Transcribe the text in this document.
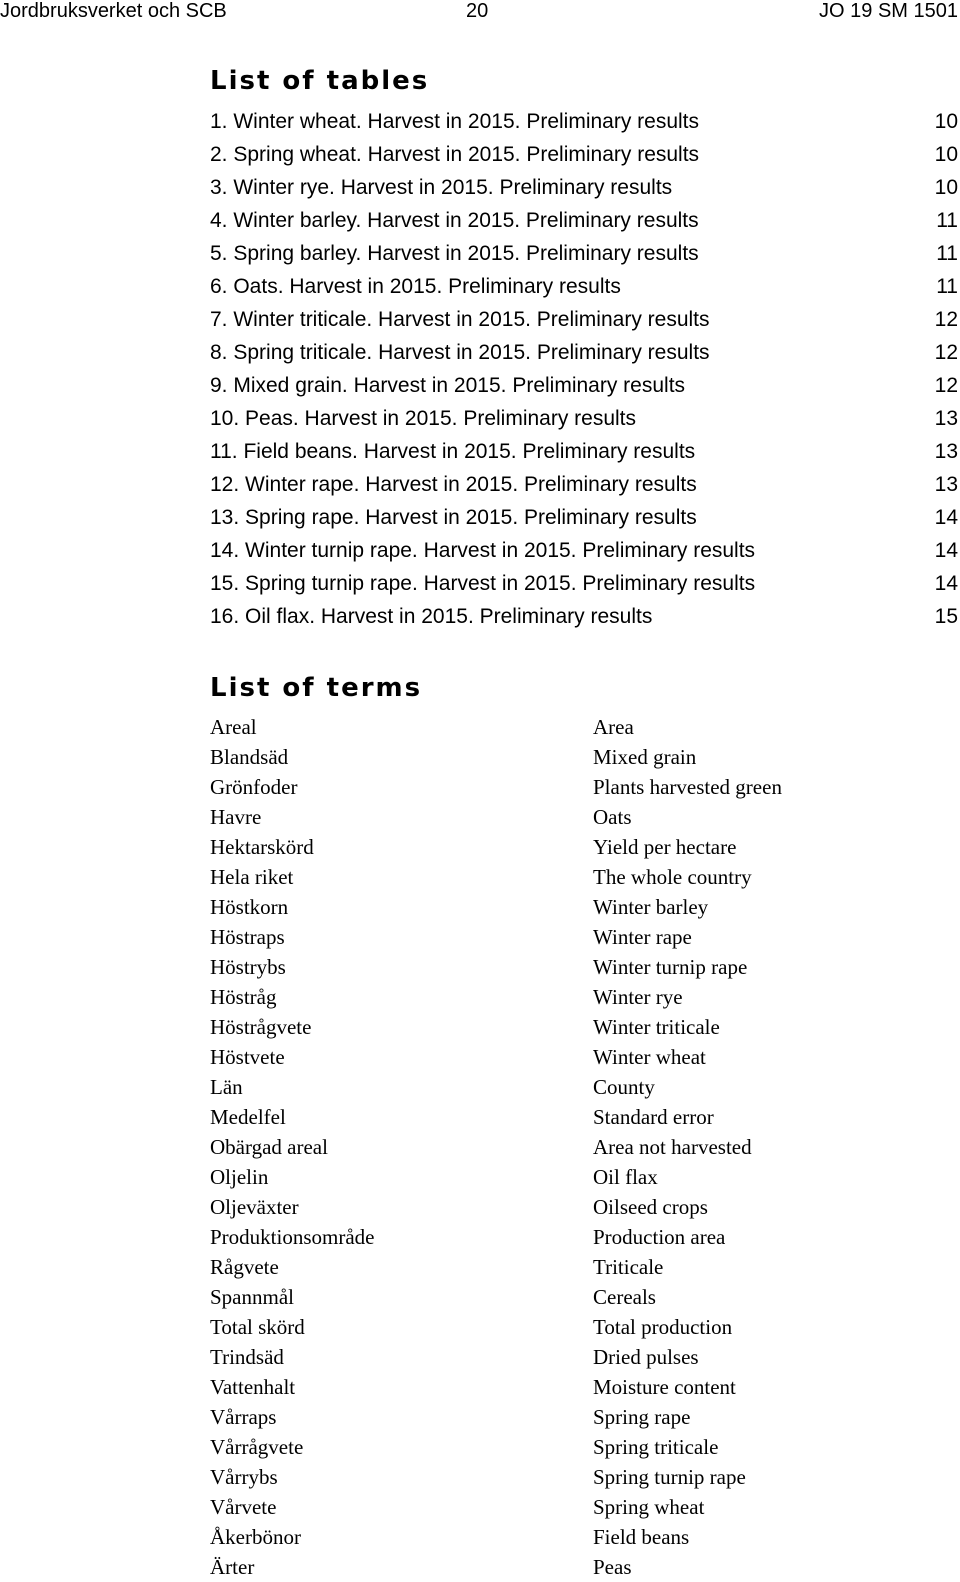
Jordbruksverket och SCB	20	JO 19 SM 1501
List of tables
1. Winter wheat. Harvest in 2015. Preliminary results	10
2. Spring wheat. Harvest in 2015. Preliminary results	10
3. Winter rye. Harvest in 2015. Preliminary results	10
4. Winter barley. Harvest in 2015. Preliminary results	11
5. Spring barley. Harvest in 2015. Preliminary results	11
6. Oats. Harvest in 2015. Preliminary results	11
7. Winter triticale. Harvest in 2015. Preliminary results	12
8. Spring triticale. Harvest in 2015. Preliminary results	12
9. Mixed grain. Harvest in 2015. Preliminary results	12
10. Peas. Harvest in 2015. Preliminary results	13
11. Field beans. Harvest in 2015. Preliminary results	13
12. Winter rape. Harvest in 2015. Preliminary results	13
13. Spring rape. Harvest in 2015. Preliminary results	14
14. Winter turnip rape. Harvest in 2015. Preliminary results	14
15. Spring turnip rape. Harvest in 2015. Preliminary results	14
16. Oil flax. Harvest in 2015. Preliminary results	15
List of terms
Areal	Area
Blandsäd	Mixed grain
Grönfoder	Plants harvested green
Havre	Oats
Hektarskörd	Yield per hectare
Hela riket	The whole country
Höstkorn	Winter barley
Höstraps	Winter rape
Höstrybs	Winter turnip rape
Höstråg	Winter rye
Höstrågvete	Winter triticale
Höstvete	Winter wheat
Län	County
Medelfel	Standard error
Obärgad areal	Area not harvested
Oljelin	Oil flax
Oljeväxter	Oilseed crops
Produktionsområde	Production area
Rågvete	Triticale
Spannmål	Cereals
Total skörd	Total production
Trindsäd	Dried pulses
Vattenhalt	Moisture content
Vårraps	Spring rape
Vårrågvete	Spring triticale
Vårrybs	Spring turnip rape
Vårvete	Spring wheat
Åkerbönor	Field beans
Ärter	Peas
